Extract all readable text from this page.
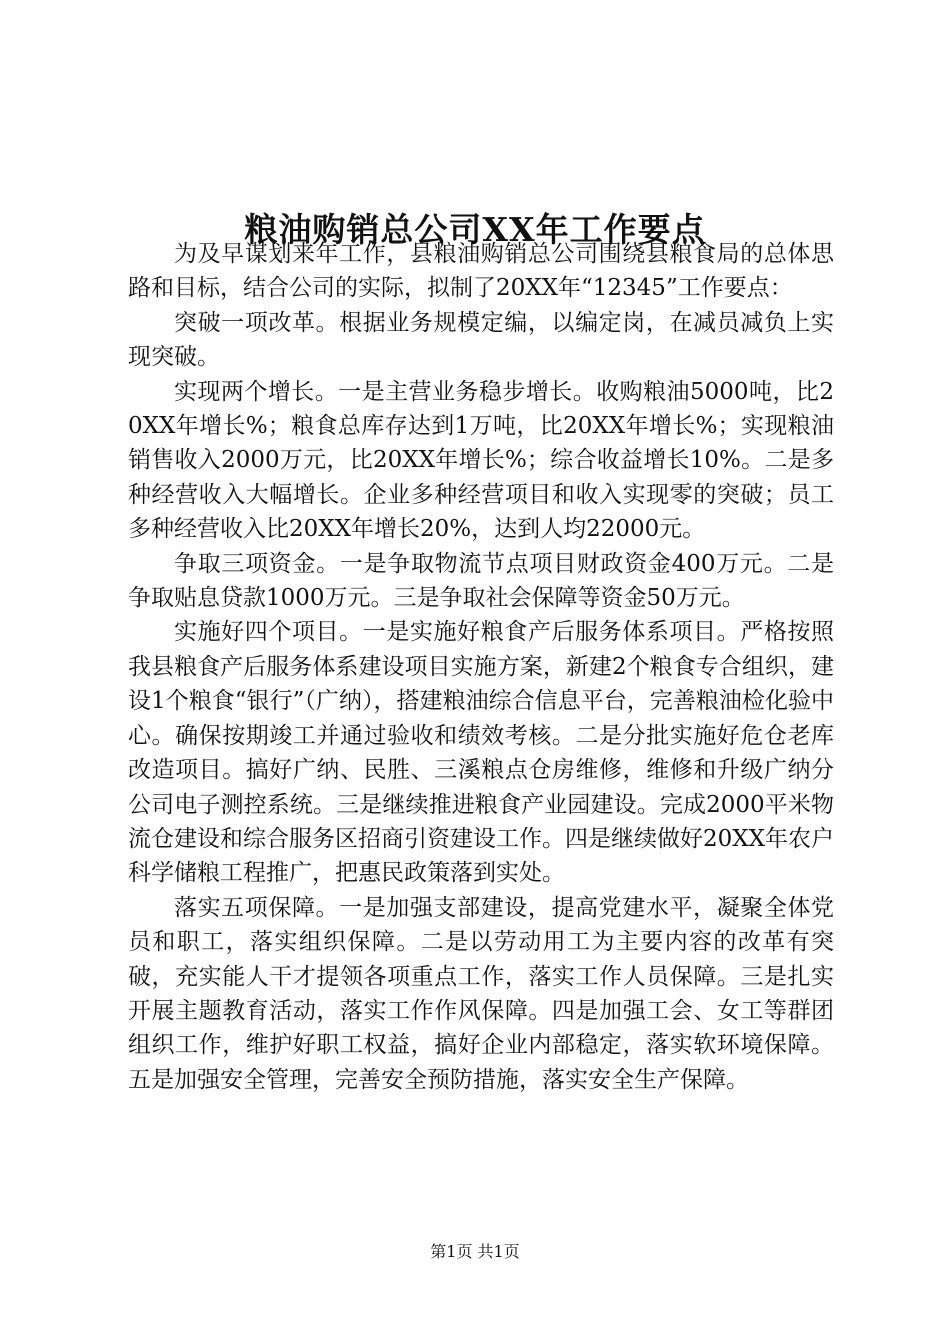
粮油购销总公司XX年工作要点

为及早谋划来年工作，县粮油购销总公司围绕县粮食局的总体思路和目标，结合公司的实际，拟制了20XX年“12345”工作要点：

突破一项改革。根据业务规模定编，以编定岗，在减员减负上实现突破。

实现两个增长。一是主营业务稳步增长。收购粮油5000吨，比20XX年增长%；粮食总库存达到1万吨，比20XX年增长%；实现粮油销售收入2000万元，比20XX年增长%；综合收益增长10%。二是多种经营收入大幅增长。企业多种经营项目和收入实现零的突破；员工多种经营收入比20XX年增长20%，达到人均22000元。

争取三项资金。一是争取物流节点项目财政资金400万元。二是争取贴息贷款1000万元。三是争取社会保障等资金50万元。

实施好四个项目。一是实施好粮食产后服务体系项目。严格按照我县粮食产后服务体系建设项目实施方案，新建2个粮食专合组织，建设1个粮食“银行”（广纳），搭建粮油综合信息平台，完善粮油检化验中心。确保按期竣工并通过验收和绩效考核。二是分批实施好危仓老库改造项目。搞好广纳、民胜、三溪粮点仓房维修，维修和升级广纳分公司电子测控系统。三是继续推进粮食产业园建设。完成2000平米物流仓建设和综合服务区招商引资建设工作。四是继续做好20XX年农户科学储粮工程推广，把惠民政策落到实处。

落实五项保障。一是加强支部建设，提高党建水平，凝聚全体党员和职工，落实组织保障。二是以劳动用工为主要内容的改革有突破，充实能人干才提领各项重点工作，落实工作人员保障。三是扎实开展主题教育活动，落实工作作风保障。四是加强工会、女工等群团组织工作，维护好职工权益，搞好企业内部稳定，落实软环境保障。五是加强安全管理，完善安全预防措施，落实安全生产保障。

第1页 共1页
